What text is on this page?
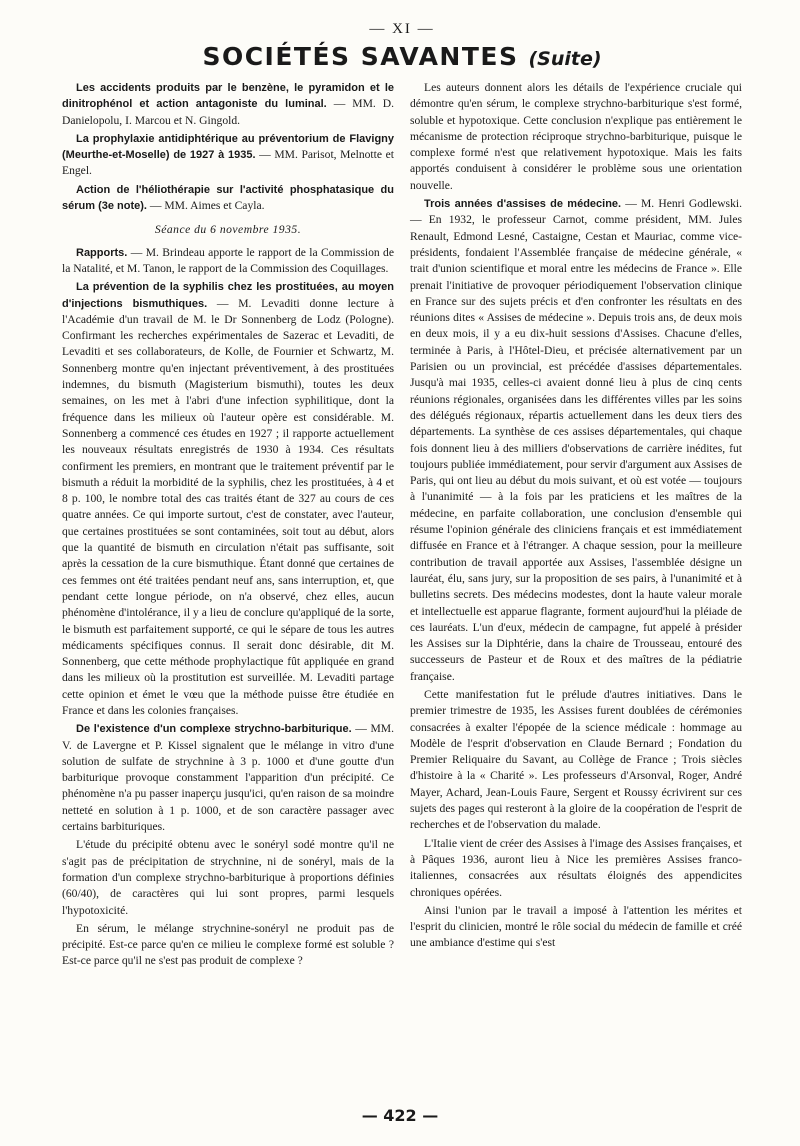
— XI —
SOCIÉTÉS SAVANTES (Suite)

Les accidents produits par le benzène, le pyramidon et le dinitrophénol et action antagoniste du luminal. — MM. D. Danielopolu, I. Marcou et N. Gingold.

La prophylaxie antidiphtérique au préventorium de Flavigny (Meurthe-et-Moselle) de 1927 à 1935. — MM. Parisot, Melnotte et Engel.

Action de l'héliothérapie sur l'activité phosphatasique du sérum (3e note). — MM. Aimes et Cayla.

Séance du 6 novembre 1935.

Rapports. — M. Brindeau apporte le rapport de la Commission de la Natalité, et M. Tanon, le rapport de la Commission des Coquillages.

La prévention de la syphilis chez les prostituées, au moyen d'injections bismuthiques. — M. Levaditi donne lecture à l'Académie d'un travail de M. le Dr Sonnenberg de Lodz (Pologne). Confirmant les recherches expérimentales de Sazerac et Levaditi, de Levaditi et ses collaborateurs, de Kolle, de Fournier et Schwartz, M. Sonnenberg montre qu'en injectant préventivement, à des prostituées indemnes, du bismuth (Magisterium bismuthi), toutes les deux semaines, on les met à l'abri d'une infection syphilitique, dont la fréquence dans les milieux où l'auteur opère est considérable. M. Sonnenberg a commencé ces études en 1927 ; il rapporte actuellement les nouveaux résultats enregistrés de 1930 à 1934. Ces résultats confirment les premiers, en montrant que le traitement préventif par le bismuth a réduit la morbidité de la syphilis, chez les prostituées, à 4 et 8 p. 100, le nombre total des cas traités étant de 327 au cours de ces quatre années. Ce qui importe surtout, c'est de constater, avec l'auteur, que certaines prostituées se sont contaminées, soit tout au début, alors que la quantité de bismuth en circulation n'était pas suffisante, soit après la cessation de la cure bismuthique. Étant donné que certaines de ces femmes ont été traitées pendant neuf ans, sans interruption, et, que pendant cette longue période, on n'a observé, chez elles, aucun phénomène d'intolérance, il y a lieu de conclure qu'appliqué de la sorte, le bismuth est parfaitement supporté, ce qui le sépare de tous les autres médicaments spécifiques connus. Il serait donc désirable, dit M. Sonnenberg, que cette méthode prophylactique fût appliquée en grand dans les milieux où la prostitution est surveillée. M. Levaditi partage cette opinion et émet le vœu que la méthode puisse être étudiée en France et dans les colonies françaises.

De l'existence d'un complexe strychno-barbiturique. — MM. V. de Lavergne et P. Kissel signalent que le mélange in vitro d'une solution de sulfate de strychnine à 3 p. 1000 et d'une goutte d'un barbiturique provoque constamment l'apparition d'un précipité. Ce phénomène n'a pu passer inaperçu jusqu'ici, qu'en raison de sa moindre netteté en solution à 1 p. 1000, et de son caractère passager avec certains barbituriques.

L'étude du précipité obtenu avec le sonéryl sodé montre qu'il ne s'agit pas de précipitation de strychnine, ni de sonéryl, mais de la formation d'un complexe strychno-barbiturique à proportions définies (60/40), de caractères qui lui sont propres, parmi lesquels l'hypotoxicité.

En sérum, le mélange strychnine-sonéryl ne produit pas de précipité. Est-ce parce qu'en ce milieu le complexe formé est soluble ? Est-ce parce qu'il ne s'est pas produit de complexe ?

Les auteurs donnent alors les détails de l'expérience cruciale qui démontre qu'en sérum, le complexe strychno-barbiturique s'est formé, soluble et hypotoxique. Cette conclusion n'explique pas entièrement le mécanisme de protection réciproque strychno-barbiturique, puisque le complexe formé n'est que relativement hypotoxique. Mais les faits apportés conduisent à considérer le problème sous une orientation nouvelle.

Trois années d'assises de médecine. — M. Henri Godlewski. — En 1932, le professeur Carnot, comme président, MM. Jules Renault, Edmond Lesné, Castaigne, Cestan et Mauriac, comme vice-présidents, fondaient l'Assemblée française de médecine générale, « trait d'union scientifique et moral entre les médecins de France ». Elle prenait l'initiative de provoquer périodiquement l'observation clinique en France sur des sujets précis et d'en confronter les résultats en des réunions dites « Assises de médecine ». Depuis trois ans, de deux mois en deux mois, il y a eu dix-huit sessions d'Assises. Chacune d'elles, terminée à Paris, à l'Hôtel-Dieu, et précisée alternativement par un Parisien ou un provincial, est précédée d'assises départementales. Jusqu'à mai 1935, celles-ci avaient donné lieu à plus de cinq cents réunions régionales, organisées dans les différentes villes par les soins des délégués régionaux, répartis actuellement dans les deux tiers des départements. La synthèse de ces assises départementales, qui chaque fois donnent lieu à des milliers d'observations de carrière inédites, fut toujours publiée immédiatement, pour servir d'argument aux Assises de Paris, qui ont lieu au début du mois suivant, et où est votée — toujours à l'unanimité — à la fois par les praticiens et les maîtres de la médecine, en parfaite collaboration, une conclusion d'ensemble qui résume l'opinion générale des cliniciens français et est immédiatement diffusée en France et à l'étranger. A chaque session, pour la meilleure contribution de travail apportée aux Assises, l'assemblée désigne un lauréat, élu, sans jury, sur la proposition de ses pairs, à l'unanimité et à bulletins secrets. Des médecins modestes, dont la haute valeur morale et intellectuelle est apparue flagrante, forment aujourd'hui la pléiade de ces lauréats. L'un d'eux, médecin de campagne, fut appelé à présider les Assises sur la Diphtérie, dans la chaire de Trousseau, entouré des successeurs de Pasteur et de Roux et des maîtres de la pédiatrie française.

Cette manifestation fut le prélude d'autres initiatives. Dans le premier trimestre de 1935, les Assises furent doublées de cérémonies consacrées à exalter l'épopée de la science médicale : hommage au Modèle de l'esprit d'observation en Claude Bernard ; Fondation du Premier Reliquaire du Savant, au Collège de France ; Trois siècles d'histoire à la « Charité ». Les professeurs d'Arsonval, Roger, André Mayer, Achard, Jean-Louis Faure, Sergent et Roussy écrivirent sur ces sujets des pages qui resteront à la gloire de la coopération de l'esprit de recherches et de l'observation du malade.

L'Italie vient de créer des Assises à l'image des Assises françaises, et à Pâques 1936, auront lieu à Nice les premières Assises franco-italiennes, consacrées aux résultats éloignés des appendicites chroniques opérées.

Ainsi l'union par le travail a imposé à l'attention les mérites et l'esprit du clinicien, montré le rôle social du médecin de famille et créé une ambiance d'estime qui s'est

— 422 —
